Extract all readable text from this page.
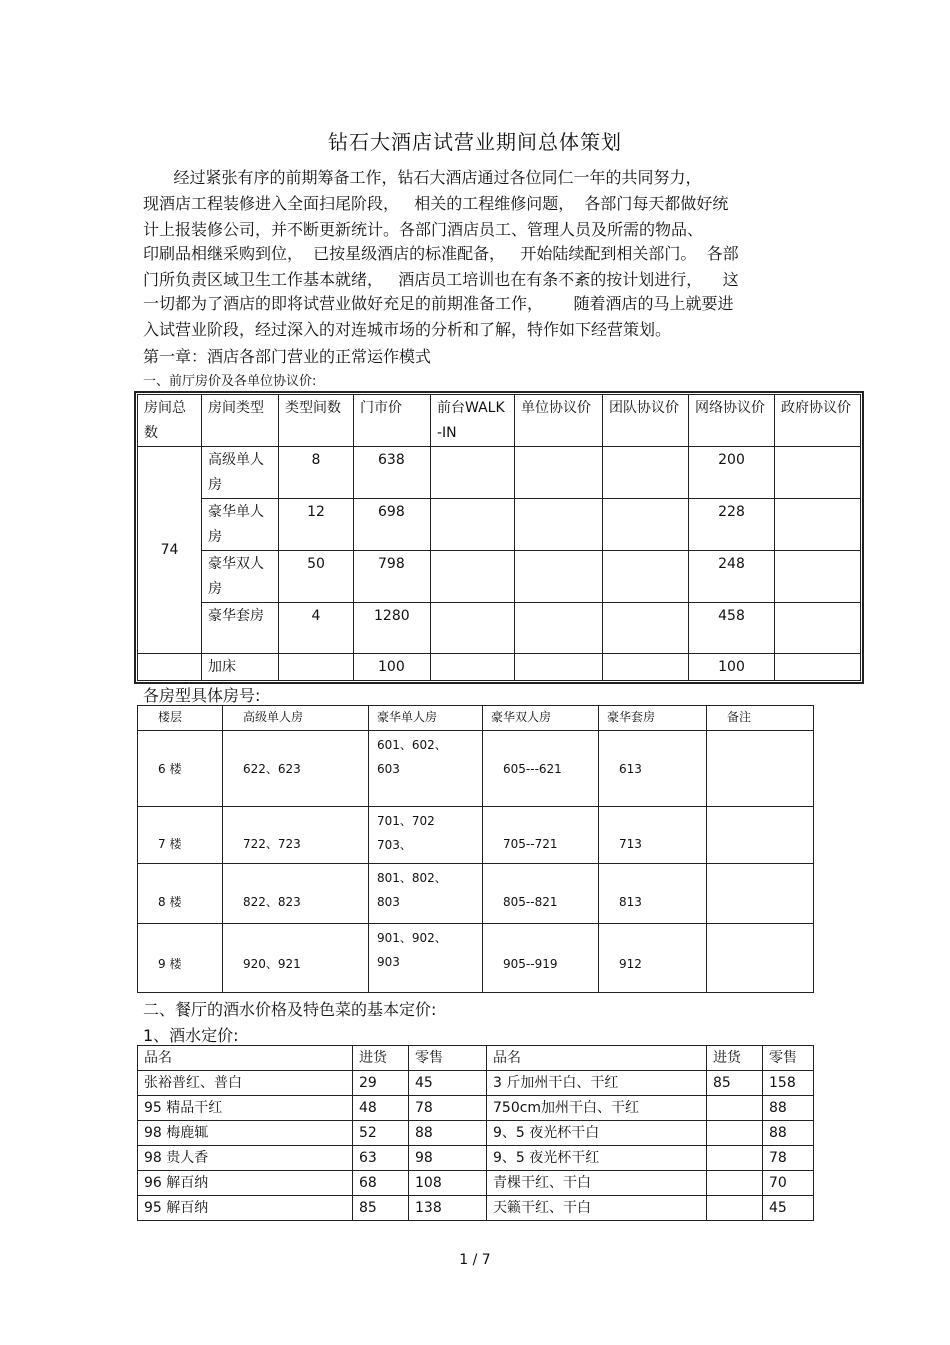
钻石大酒店试营业期间总体策划
经过紧张有序的前期筹备工作，钻石大酒店通过各位同仁一年的共同努力，
现酒店工程装修进入全面扫尾阶段，   相关的工程维修问题，  各部门每天都做好统
计上报装修公司，并不断更新统计。各部门酒店员工、管理人员及所需的物品、
印刷品相继采购到位，  已按星级酒店的标准配备，   开始陆续配到相关部门。  各部
门所负责区域卫生工作基本就绪，   酒店员工培训也在有条不紊的按计划进行，    这
一切都为了酒店的即将试营业做好充足的前期准备工作，      随着酒店的马上就要进
入试营业阶段，经过深入的对连城市场的分析和了解，特作如下经营策划。
第一章：酒店各部门营业的正常运作模式
一、前厅房价及各单位协议价:
房间总数	房间类型	类型间数	门市价	前台WALK-IN	单位协议价	团队协议价	网络协议价	政府协议价
74	高级单人房	8	638				200	
	豪华单人房	12	698				228	
	豪华双人房	50	798				248	
	豪华套房	4	1280				458	
	加床		100				100	
各房型具体房号:
楼层	高级单人房	豪华单人房	豪华双人房	豪华套房	备注
6 楼	622、623	601、602、
603	605---621	613	
7 楼	722、723	701、702
703、	705--721	713	
8 楼	822、823	801、802、
803	805--821	813	
9 楼	920、921	901、902、
903	905--919	912	
二、餐厅的酒水价格及特色菜的基本定价:
1、酒水定价:
品名	进货	零售	品名	进货	零售
张裕普红、普白	29	45	3 斤加州干白、干红	85	158
95 精品干红	48	78	750cm加州干白、干红		88
98 梅鹿辄	52	88	9、5 夜光杯干白		88
98 贵人香	63	98	9、5 夜光杯干红		78
96 解百纳	68	108	青棵干红、干白		70
95 解百纳	85	138	天籁干红、干白		45
1 / 7
